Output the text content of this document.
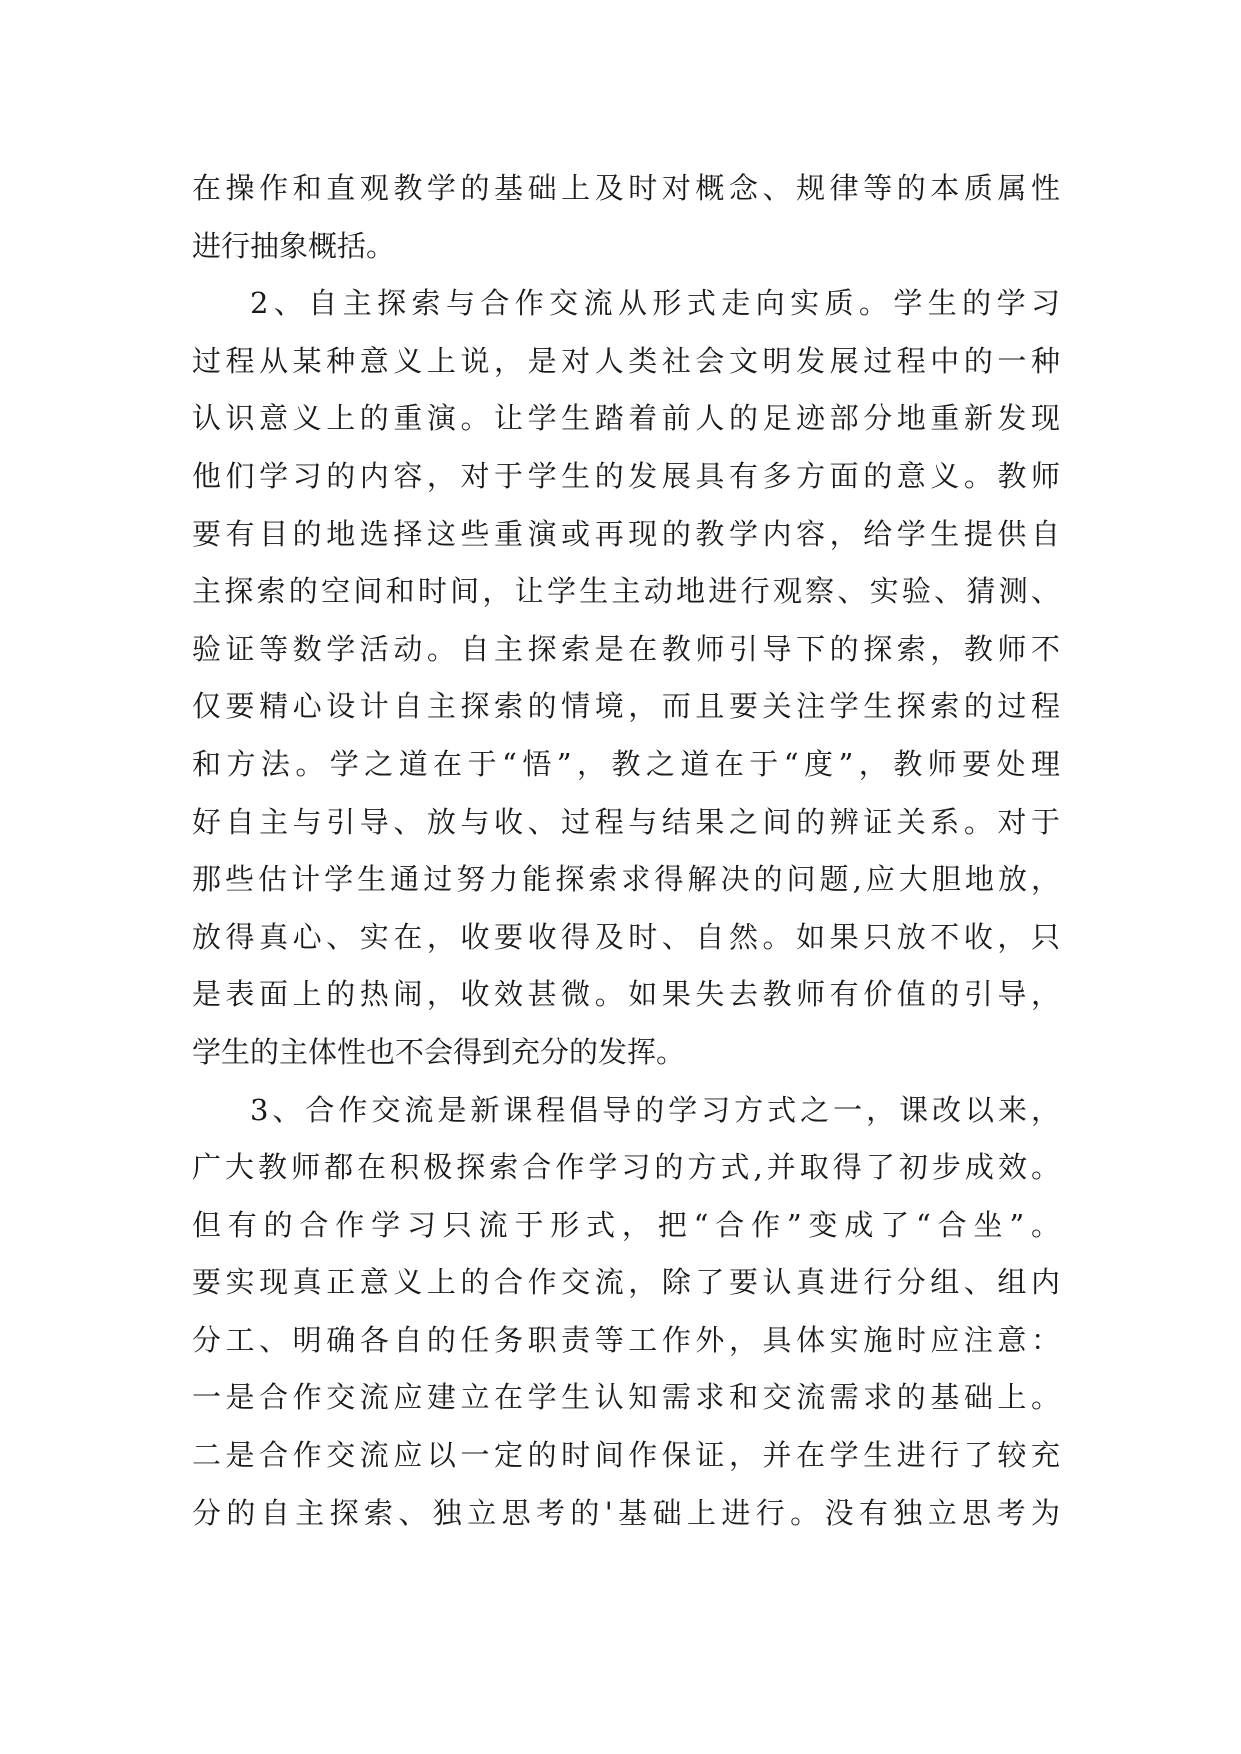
在操作和直观教学的基础上及时对概念、规律等的本质属性
进行抽象概括。
2、自主探索与合作交流从形式走向实质。学生的学习
过程从某种意义上说，是对人类社会文明发展过程中的一种
认识意义上的重演。让学生踏着前人的足迹部分地重新发现
他们学习的内容，对于学生的发展具有多方面的意义。教师
要有目的地选择这些重演或再现的教学内容，给学生提供自
主探索的空间和时间，让学生主动地进行观察、实验、猜测、
验证等数学活动。自主探索是在教师引导下的探索，教师不
仅要精心设计自主探索的情境，而且要关注学生探索的过程
和方法。学之道在于“悟”，教之道在于“度”，教师要处理
好自主与引导、放与收、过程与结果之间的辨证关系。对于
那些估计学生通过努力能探索求得解决的问题,应大胆地放，
放得真心、实在，收要收得及时、自然。如果只放不收，只
是表面上的热闹，收效甚微。如果失去教师有价值的引导，
学生的主体性也不会得到充分的发挥。
3、合作交流是新课程倡导的学习方式之一，课改以来，
广大教师都在积极探索合作学习的方式,并取得了初步成效。
但有的合作学习只流于形式，把“合作”变成了“合坐”。
要实现真正意义上的合作交流，除了要认真进行分组、组内
分工、明确各自的任务职责等工作外，具体实施时应注意：
一是合作交流应建立在学生认知需求和交流需求的基础上。
二是合作交流应以一定的时间作保证，并在学生进行了较充
分的自主探索、独立思考的'基础上进行。没有独立思考为
